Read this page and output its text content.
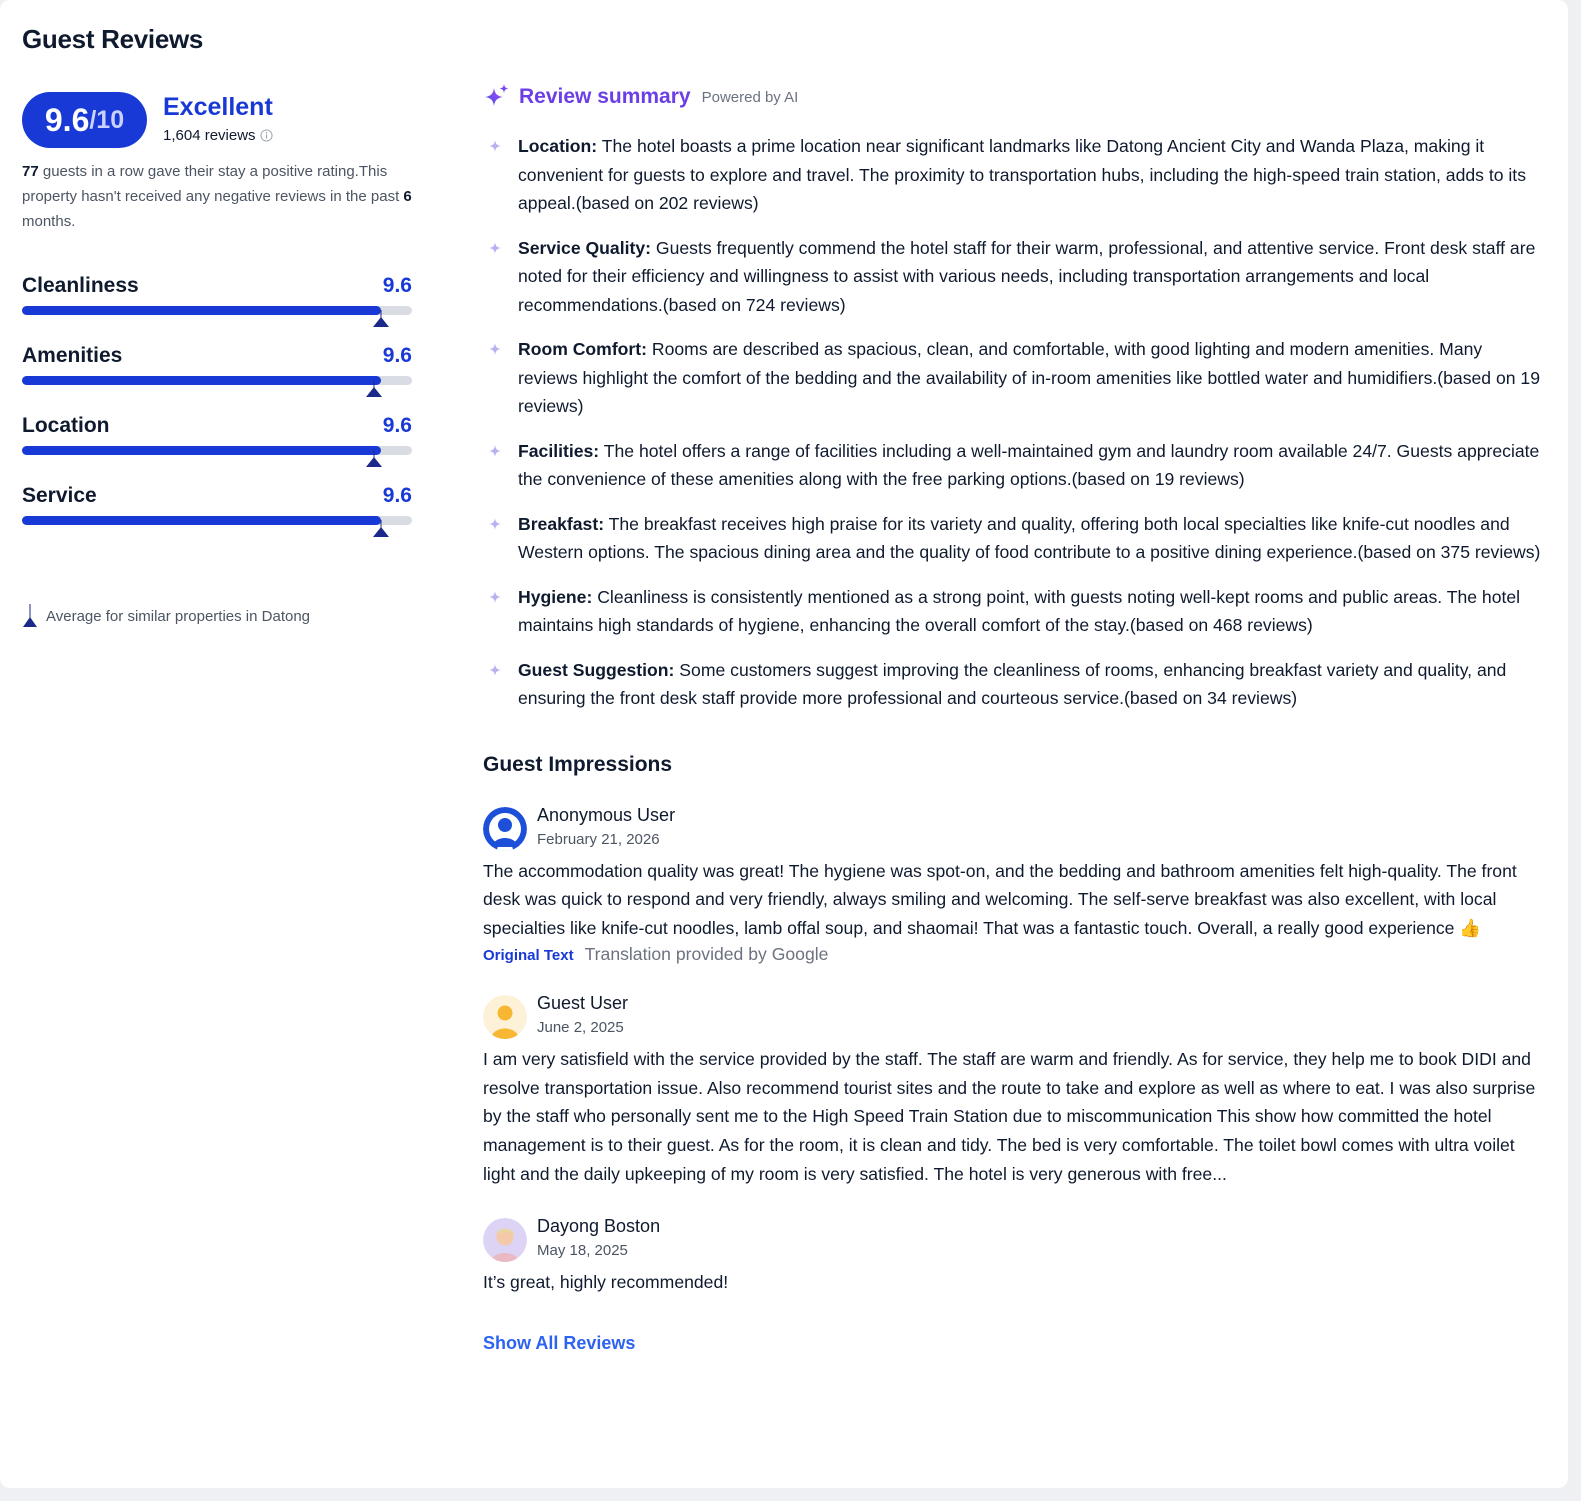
Guest Reviews
9.6 /10 Excellent
1,604 reviews
77 guests in a row gave their stay a positive rating.This property hasn't received any negative reviews in the past 6 months.
Cleanliness	9.6
Amenities	9.6
Location	9.6
Service	9.6
Average for similar properties in Datong
Review summary Powered by AI
Location: The hotel boasts a prime location near significant landmarks like Datong Ancient City and Wanda Plaza, making it convenient for guests to explore and travel. The proximity to transportation hubs, including the high-speed train station, adds to its appeal.(based on 202 reviews)
Service Quality: Guests frequently commend the hotel staff for their warm, professional, and attentive service. Front desk staff are noted for their efficiency and willingness to assist with various needs, including transportation arrangements and local recommendations.(based on 724 reviews)
Room Comfort: Rooms are described as spacious, clean, and comfortable, with good lighting and modern amenities. Many reviews highlight the comfort of the bedding and the availability of in-room amenities like bottled water and humidifiers.(based on 19 reviews)
Facilities: The hotel offers a range of facilities including a well-maintained gym and laundry room available 24/7. Guests appreciate the convenience of these amenities along with the free parking options.(based on 19 reviews)
Breakfast: The breakfast receives high praise for its variety and quality, offering both local specialties like knife-cut noodles and Western options. The spacious dining area and the quality of food contribute to a positive dining experience.(based on 375 reviews)
Hygiene: Cleanliness is consistently mentioned as a strong point, with guests noting well-kept rooms and public areas. The hotel maintains high standards of hygiene, enhancing the overall comfort of the stay.(based on 468 reviews)
Guest Suggestion: Some customers suggest improving the cleanliness of rooms, enhancing breakfast variety and quality, and ensuring the front desk staff provide more professional and courteous service.(based on 34 reviews)
Guest Impressions
Anonymous User
February 21, 2026
The accommodation quality was great! The hygiene was spot-on, and the bedding and bathroom amenities felt high-quality. The front desk was quick to respond and very friendly, always smiling and welcoming. The self-serve breakfast was also excellent, with local specialties like knife-cut noodles, lamb offal soup, and shaomai! That was a fantastic touch. Overall, a really good experience 👍
Original Text Translation provided by Google
Guest User
June 2, 2025
I am very satisfield with the service provided by the staff. The staff are warm and friendly. As for service, they help me to book DIDI and resolve transportation issue. Also recommend tourist sites and the route to take and explore as well as where to eat. I was also surprise by the staff who personally sent me to the High Speed Train Station due to miscommunication This show how committed the hotel management is to their guest. As for the room, it is clean and tidy. The bed is very comfortable. The toilet bowl comes with ultra voilet light and the daily upkeeping of my room is very satisfied. The hotel is very generous with free...
Dayong Boston
May 18, 2025
It’s great, highly recommended!
Show All Reviews
